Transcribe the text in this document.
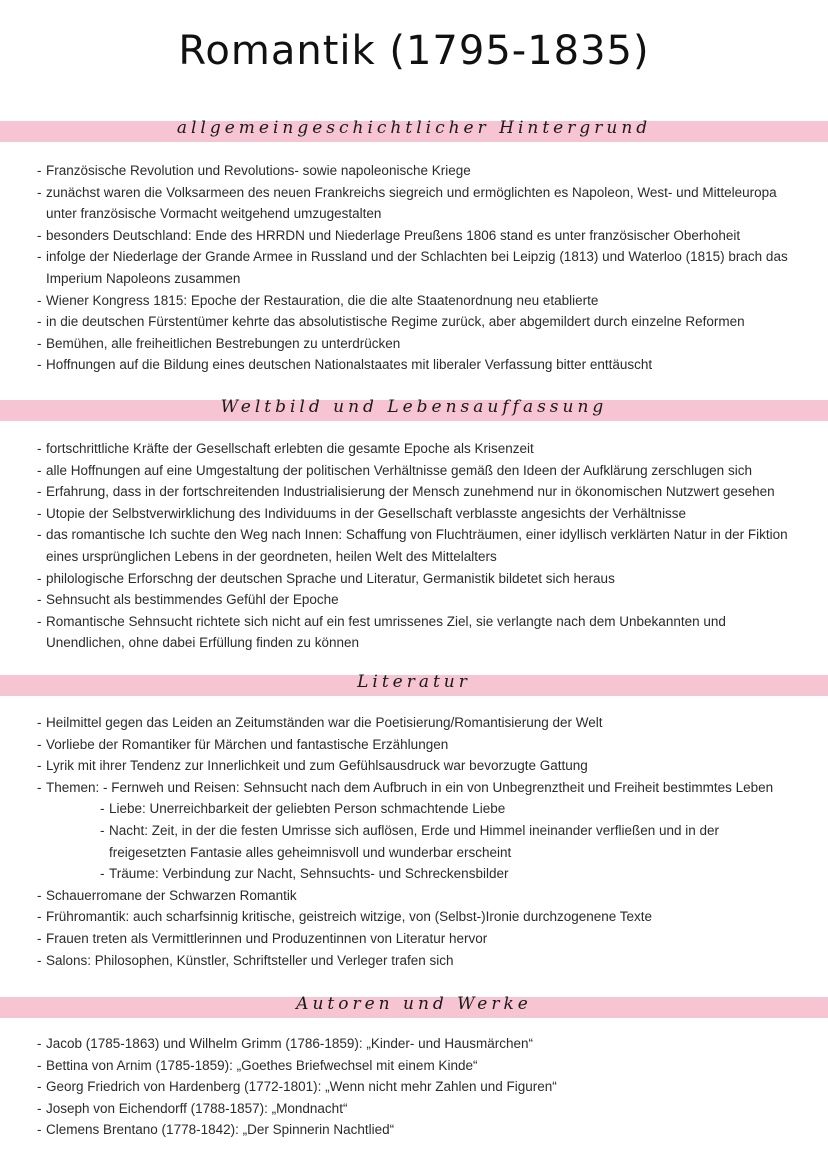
Romantik (1795-1835)
allgemeingeschichtlicher Hintergrund
- Französische Revolution und Revolutions- sowie napoleonische Kriege
- zunächst waren die Volksarmeen des neuen Frankreichs siegreich und ermöglichten es Napoleon, West- und Mitteleuropa unter französische Vormacht weitgehend umzugestalten
- besonders Deutschland: Ende des HRRDN und Niederlage Preußens 1806 stand es unter französischer Oberhoheit
- infolge der Niederlage der Grande Armee in Russland und der Schlachten bei Leipzig (1813) und Waterloo (1815) brach das Imperium Napoleons zusammen
- Wiener Kongress 1815: Epoche der Restauration, die die alte Staatenordnung neu etablierte
- in die deutschen Fürstentümer kehrte das absolutistische Regime zurück, aber abgemildert durch einzelne Reformen
- Bemühen, alle freiheitlichen Bestrebungen zu unterdrücken
- Hoffnungen auf die Bildung eines deutschen Nationalstaates mit liberaler Verfassung bitter enttäuscht
Weltbild und Lebensauffassung
- fortschrittliche Kräfte der Gesellschaft erlebten die gesamte Epoche als Krisenzeit
- alle Hoffnungen auf eine Umgestaltung der politischen Verhältnisse gemäß den Ideen der Aufklärung zerschlugen sich
- Erfahrung, dass in der fortschreitenden Industrialisierung der Mensch zunehmend nur in ökonomischen Nutzwert gesehen
- Utopie der Selbstverwirklichung des Individuums in der Gesellschaft verblasste angesichts der Verhältnisse
- das romantische Ich suchte den Weg nach Innen: Schaffung von Fluchträumen, einer idyllisch verklärten Natur in der Fiktion eines ursprünglichen Lebens in der geordneten, heilen Welt des Mittelalters
- philologische Erforschng der deutschen Sprache und Literatur, Germanistik bildetet sich heraus
- Sehnsucht als bestimmendes Gefühl der Epoche
- Romantische Sehnsucht richtete sich nicht auf ein fest umrissenes Ziel, sie verlangte nach dem Unbekannten und Unendlichen, ohne dabei Erfüllung finden zu können
Literatur
- Heilmittel gegen das Leiden an Zeitumständen war die Poetisierung/Romantisierung der Welt
- Vorliebe der Romantiker für Märchen und fantastische Erzählungen
- Lyrik mit ihrer Tendenz zur Innerlichkeit und zum Gefühlsausdruck war bevorzugte Gattung
- Themen: - Fernweh und Reisen: Sehnsucht nach dem Aufbruch in ein von Unbegrenztheit und Freiheit bestimmtes Leben
- Liebe: Unerreichbarkeit der geliebten Person schmachtende Liebe
- Nacht: Zeit, in der die festen Umrisse sich auflösen, Erde und Himmel ineinander verfließen und in der freigesetzten Fantasie alles geheimnisvoll und wunderbar erscheint
- Träume: Verbindung zur Nacht, Sehnsuchts- und Schreckensbilder
- Schauerromane der Schwarzen Romantik
- Frühromantik: auch scharfsinnig kritische, geistreich witzige, von (Selbst-)Ironie durchzogenene Texte
- Frauen treten als Vermittlerinnen und Produzentinnen von Literatur hervor
- Salons: Philosophen, Künstler, Schriftsteller und Verleger trafen sich
Autoren und Werke
- Jacob (1785-1863) und Wilhelm Grimm (1786-1859): „Kinder- und Hausmärchen“
- Bettina von Arnim (1785-1859): „Goethes Briefwechsel mit einem Kinde“
- Georg Friedrich von Hardenberg (1772-1801): „Wenn nicht mehr Zahlen und Figuren“
- Joseph von Eichendorff (1788-1857): „Mondnacht“
- Clemens Brentano (1778-1842): „Der Spinnerin Nachtlied“
